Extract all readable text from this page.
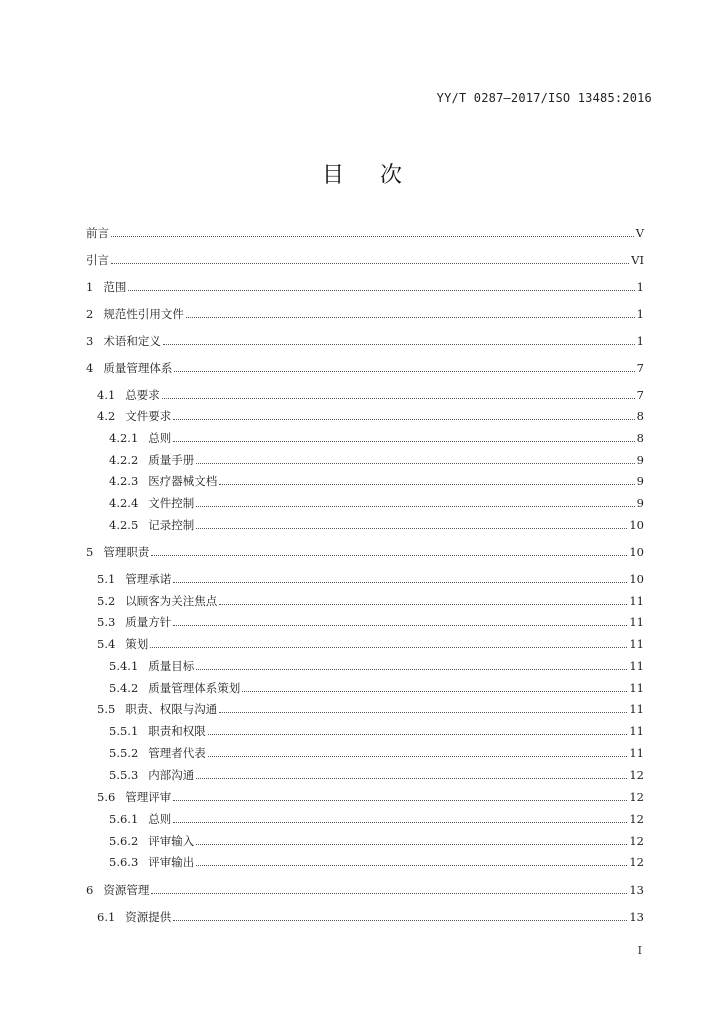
YY/T 0287—2017/ISO 13485:2016
目 次
前言	V
引言	VI
1 范围	1
2 规范性引用文件	1
3 术语和定义	1
4 质量管理体系	7
4.1 总要求	7
4.2 文件要求	8
4.2.1 总则	8
4.2.2 质量手册	9
4.2.3 医疗器械文档	9
4.2.4 文件控制	9
4.2.5 记录控制	10
5 管理职责	10
5.1 管理承诺	10
5.2 以顾客为关注焦点	11
5.3 质量方针	11
5.4 策划	11
5.4.1 质量目标	11
5.4.2 质量管理体系策划	11
5.5 职责、权限与沟通	11
5.5.1 职责和权限	11
5.5.2 管理者代表	11
5.5.3 内部沟通	12
5.6 管理评审	12
5.6.1 总则	12
5.6.2 评审输入	12
5.6.3 评审输出	12
6 资源管理	13
6.1 资源提供	13
I
